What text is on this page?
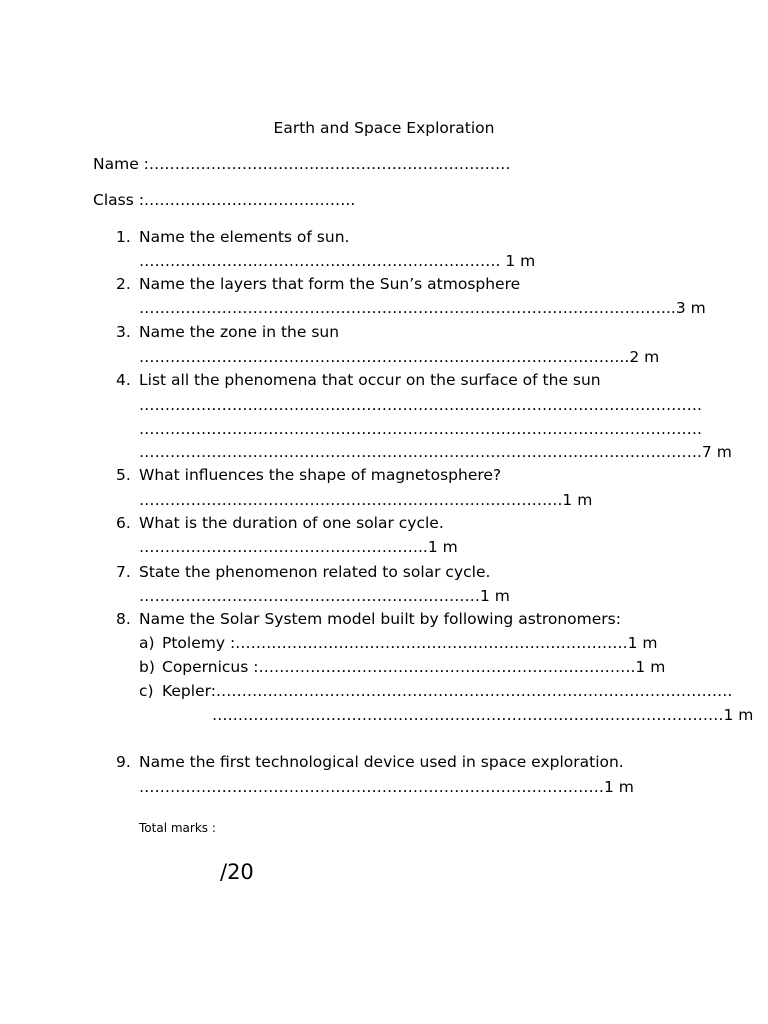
Earth and Space Exploration
Name :…………………………………………………………….
Class :…………………………………..
1. Name the elements of sun.
……………………………………………………………. 1 m
2. Name the layers that form the Sun’s atmosphere
…………………………………………………………………………………………..3 m
3. Name the zone in the sun
…………………………………………………………………………………..2 m
4. List all the phenomena that occur on the surface of the sun
……………………………………………………………………………………………….
……………………………………………………………………………………………….
……………………………………………………………………………………………….7 m
5. What influences the shape of magnetosphere?
……………………………………………………………………….1 m
6. What is the duration of one solar cycle.
………………………………………………..1 m
7. State the phenomenon related to solar cycle.
…………………………………………………………1 m
8. Name the Solar System model built by following astronomers:
a) Ptolemy :………………………………………………………………….1 m
b) Copernicus :……………………………………………………………….1 m
c) Kepler:……………………………………………………………………………………….
………………………………………………………………………………………1 m
9. Name the first technological device used in space exploration.
………………………………………………………………………………1 m
Total marks :
/20
